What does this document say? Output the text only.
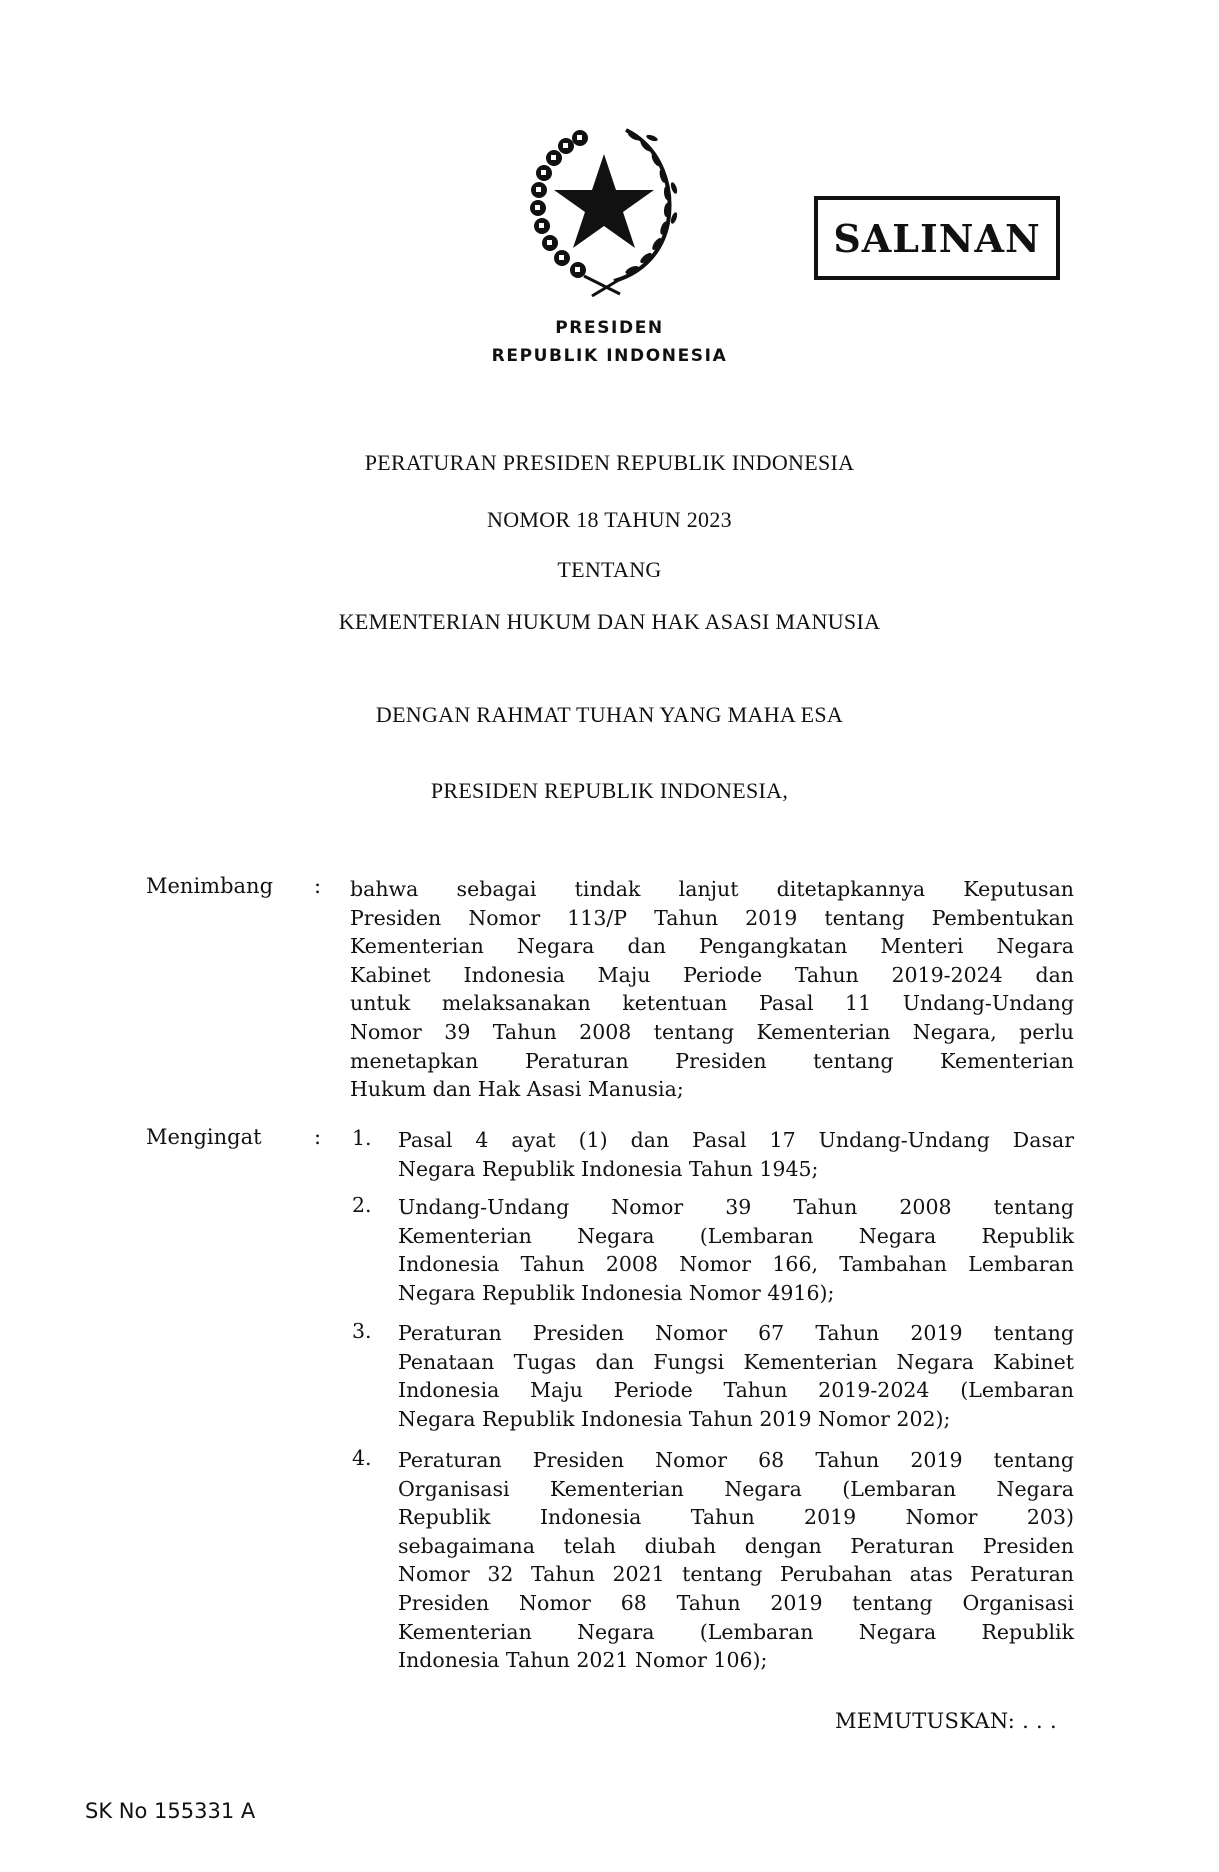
SALINAN
PRESIDEN
REPUBLIK INDONESIA
PERATURAN PRESIDEN REPUBLIK INDONESIA
NOMOR 18 TAHUN 2023
TENTANG
KEMENTERIAN HUKUM DAN HAK ASASI MANUSIA
DENGAN RAHMAT TUHAN YANG MAHA ESA
PRESIDEN REPUBLIK INDONESIA,
Menimbang : bahwa sebagai tindak lanjut ditetapkannya Keputusan
Presiden Nomor 113/P Tahun 2019 tentang Pembentukan
Kementerian Negara dan Pengangkatan Menteri Negara
Kabinet Indonesia Maju Periode Tahun 2019-2024 dan
untuk melaksanakan ketentuan Pasal 11 Undang-Undang
Nomor 39 Tahun 2008 tentang Kementerian Negara, perlu
menetapkan Peraturan Presiden tentang Kementerian
Hukum dan Hak Asasi Manusia;
Mengingat : 1. Pasal 4 ayat (1) dan Pasal 17 Undang-Undang Dasar
Negara Republik Indonesia Tahun 1945;
2. Undang-Undang Nomor 39 Tahun 2008 tentang
Kementerian Negara (Lembaran Negara Republik
Indonesia Tahun 2008 Nomor 166, Tambahan Lembaran
Negara Republik Indonesia Nomor 4916);
3. Peraturan Presiden Nomor 67 Tahun 2019 tentang
Penataan Tugas dan Fungsi Kementerian Negara Kabinet
Indonesia Maju Periode Tahun 2019-2024 (Lembaran
Negara Republik Indonesia Tahun 2019 Nomor 202);
4. Peraturan Presiden Nomor 68 Tahun 2019 tentang
Organisasi Kementerian Negara (Lembaran Negara
Republik Indonesia Tahun 2019 Nomor 203)
sebagaimana telah diubah dengan Peraturan Presiden
Nomor 32 Tahun 2021 tentang Perubahan atas Peraturan
Presiden Nomor 68 Tahun 2019 tentang Organisasi
Kementerian Negara (Lembaran Negara Republik
Indonesia Tahun 2021 Nomor 106);
MEMUTUSKAN: . . .
SK No 155331 A
